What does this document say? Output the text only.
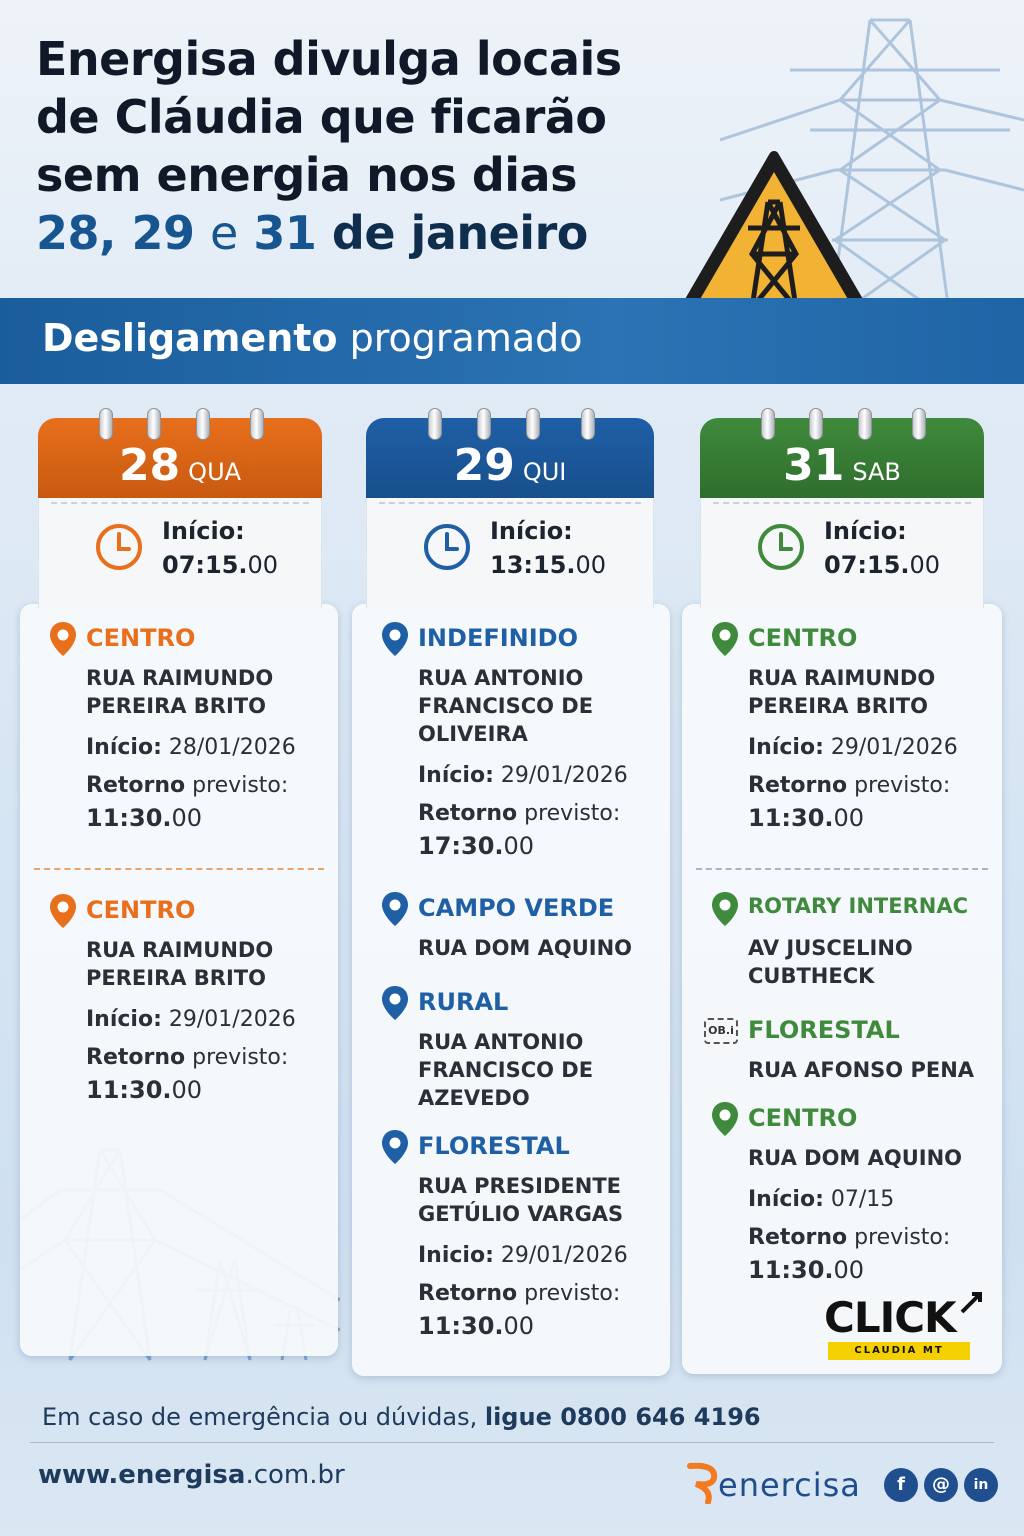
Energisa divulga locais
de Cláudia que ficarão
sem energia nos dias
28, 29 e 31 de janeiro
Desligamento programado
28 QUA
Início:
07:15.00
CENTRO
RUA RAIMUNDO
PEREIRA BRITO
Início: 28/01/2026
Retorno previsto:
11:30.00
CENTRO
RUA RAIMUNDO
PEREIRA BRITO
Início: 29/01/2026
Retorno previsto:
11:30.00
29 QUI
Início:
13:15.00
INDEFINIDO
RUA ANTONIO
FRANCISCO DE
OLIVEIRA
Início: 29/01/2026
Retorno previsto:
17:30.00
CAMPO VERDE
RUA DOM AQUINO
RURAL
RUA ANTONIO
FRANCISCO DE
AZEVEDO
FLORESTAL
RUA PRESIDENTE
GETÚLIO VARGAS
Inicio: 29/01/2026
Retorno previsto:
11:30.00
31 SAB
Início:
07:15.00
CENTRO
RUA RAIMUNDO
PEREIRA BRITO
Início: 29/01/2026
Retorno previsto:
11:30.00
ROTARY INTERNAC
AV JUSCELINO
CUBTHECK
OB.i FLORESTAL
RUA AFONSO PENA
CENTRO
RUA DOM AQUINO
Início: 07/15
Retorno previsto:
11:30.00
CLICK
CLAUDIA MT
Em caso de emergência ou dúvidas, ligue 0800 646 4196
www.energisa.com.br	enercisa	f	@	in
